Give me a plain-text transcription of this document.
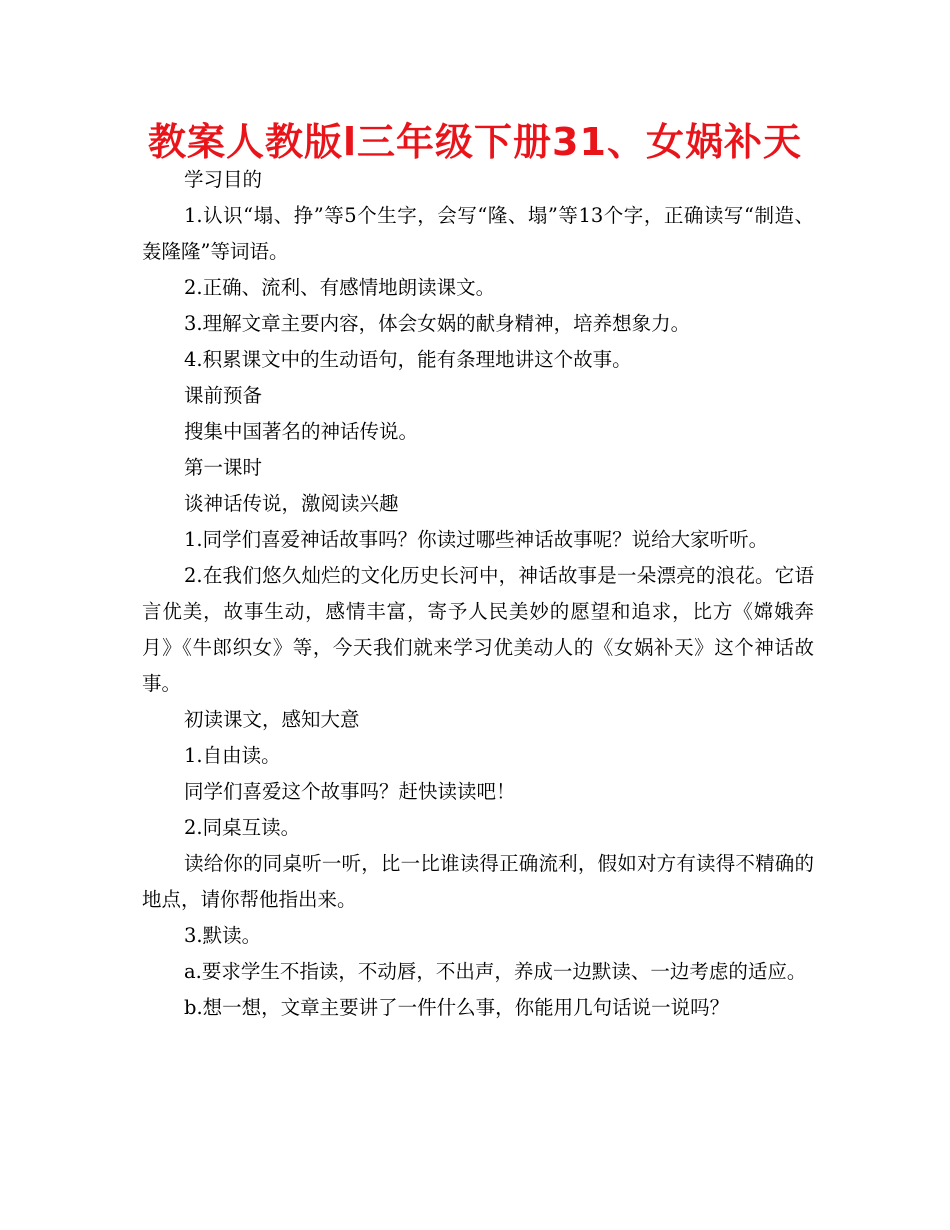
教案人教版l三年级下册31、女娲补天

学习目的

1.认识“塌、挣”等5个生字，会写“隆、塌”等13个字，正确读写“制造、轰隆隆”等词语。

2.正确、流利、有感情地朗读课文。

3.理解文章主要内容，体会女娲的献身精神，培养想象力。

4.积累课文中的生动语句，能有条理地讲这个故事。

课前预备

搜集中国著名的神话传说。

第一课时

谈神话传说，激阅读兴趣

1.同学们喜爱神话故事吗？你读过哪些神话故事呢？说给大家听听。

2.在我们悠久灿烂的文化历史长河中，神话故事是一朵漂亮的浪花。它语言优美，故事生动，感情丰富，寄予人民美妙的愿望和追求，比方《嫦娥奔月》《牛郎织女》等，今天我们就来学习优美动人的《女娲补天》这个神话故事。

初读课文，感知大意

1.自由读。

同学们喜爱这个故事吗？赶快读读吧！

2.同桌互读。

读给你的同桌听一听，比一比谁读得正确流利，假如对方有读得不精确的地点，请你帮他指出来。

3.默读。

a.要求学生不指读，不动唇，不出声，养成一边默读、一边考虑的适应。

b.想一想，文章主要讲了一件什么事，你能用几句话说一说吗？
